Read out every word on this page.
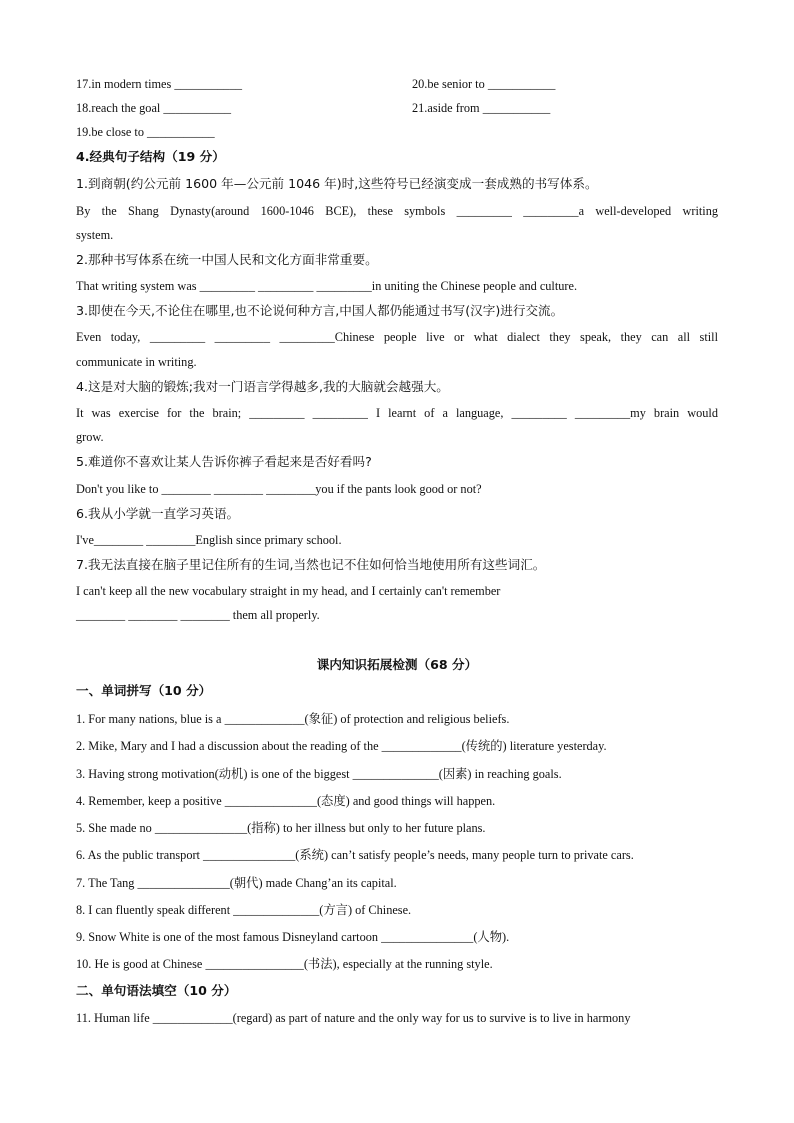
17.in modern times ___________	20.be senior to ___________
18.reach the goal ___________	21.aside from ___________
19.be close to ___________
4.经典句子结构（19 分）
1.到商朝(约公元前 1600 年—公元前 1046 年)时,这些符号已经演变成一套成熟的书写体系。
By the Shang Dynasty(around 1600-1046 BCE), these symbols _________ _________a well-developed writing
system.
2.那种书写体系在统一中国人民和文化方面非常重要。
That writing system was _________ _________ _________in uniting the Chinese people and culture.
3.即使在今天,不论住在哪里,也不论说何种方言,中国人都仍能通过书写(汉字)进行交流。
Even today, _________ _________ _________Chinese people live or what dialect they speak, they can all still
communicate in writing.
4.这是对大脑的锻炼;我对一门语言学得越多,我的大脑就会越强大。
It was exercise for the brain; _________ _________ I learnt of a language, _________ _________my brain would
grow.
5.难道你不喜欢让某人告诉你裤子看起来是否好看吗?
Don't you like to ________ ________ ________you if the pants look good or not?
6.我从小学就一直学习英语。
I've________ ________English since primary school.
7.我无法直接在脑子里记住所有的生词,当然也记不住如何恰当地使用所有这些词汇。
I can't keep all the new vocabulary straight in my head, and I certainly can't remember
________ ________ ________ them all properly.
课内知识拓展检测（68 分）
一、单词拼写（10 分）
1. For many nations, blue is a _____________(象征) of protection and religious beliefs.
2. Mike, Mary and I had a discussion about the reading of the _____________(传统的) literature yesterday.
3. Having strong motivation(动机) is one of the biggest ______________(因素) in reaching goals.
4. Remember, keep a positive _______________(态度) and good things will happen.
5. She made no _______________(指称) to her illness but only to her future plans.
6. As the public transport _______________(系统) can’t satisfy people’s needs, many people turn to private cars.
7. The Tang _______________(朝代) made Chang’an its capital.
8. I can fluently speak different ______________(方言) of Chinese.
9. Snow White is one of the most famous Disneyland cartoon _______________(人物).
10. He is good at Chinese ________________(书法), especially at the running style.
二、单句语法填空（10 分）
11. Human life _____________(regard) as part of nature and the only way for us to survive is to live in harmony
